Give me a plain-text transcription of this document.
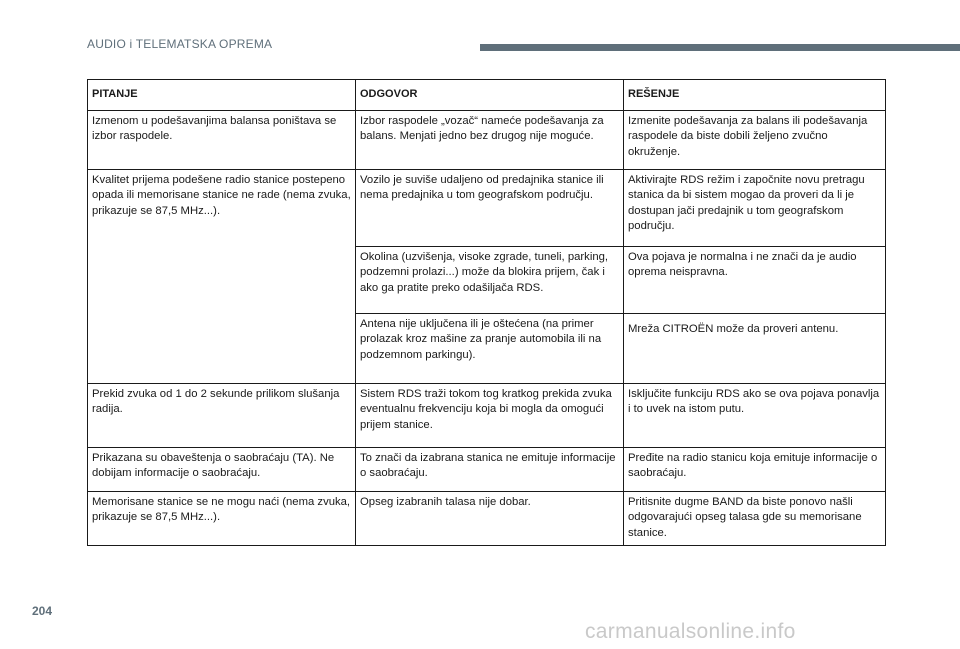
AUDIO i TELEMATSKA OPREMA
PITANJE	ODGOVOR	REŠENJE
Izmenom u podešavanjima balansa poništava se izbor raspodele.	Izbor raspodele „vozač“ nameće podešavanja za balans. Menjati jedno bez drugog nije moguće.	Izmenite podešavanja za balans ili podešavanja raspodele da biste dobili željeno zvučno okruženje.
Kvalitet prijema podešene radio stanice postepeno opada ili memorisane stanice ne rade (nema zvuka, prikazuje se 87,5 MHz...).	Vozilo je suviše udaljeno od predajnika stanice ili nema predajnika u tom geografskom području.	Aktivirajte RDS režim i započnite novu pretragu stanica da bi sistem mogao da proveri da li je dostupan jači predajnik u tom geografskom području.
	Okolina (uzvišenja, visoke zgrade, tuneli, parking, podzemni prolazi...) može da blokira prijem, čak i ako ga pratite preko odašiljača RDS.	Ova pojava je normalna i ne znači da je audio oprema neispravna.
	Antena nije uključena ili je oštećena (na primer prolazak kroz mašine za pranje automobila ili na podzemnom parkingu).	Mreža CITROËN može da proveri antenu.
Prekid zvuka od 1 do 2 sekunde prilikom slušanja radija.	Sistem RDS traži tokom tog kratkog prekida zvuka eventualnu frekvenciju koja bi mogla da omogući prijem stanice.	Isključite funkciju RDS ako se ova pojava ponavlja i to uvek na istom putu.
Prikazana su obaveštenja o saobraćaju (TA). Ne dobijam informacije o saobraćaju.	To znači da izabrana stanica ne emituje informacije o saobraćaju.	Pređite na radio stanicu koja emituje informacije o saobraćaju.
Memorisane stanice se ne mogu naći (nema zvuka, prikazuje se 87,5 MHz...).	Opseg izabranih talasa nije dobar.	Pritisnite dugme BAND da biste ponovo našli odgovarajući opseg talasa gde su memorisane stanice.
204
carmanualsonline.info
